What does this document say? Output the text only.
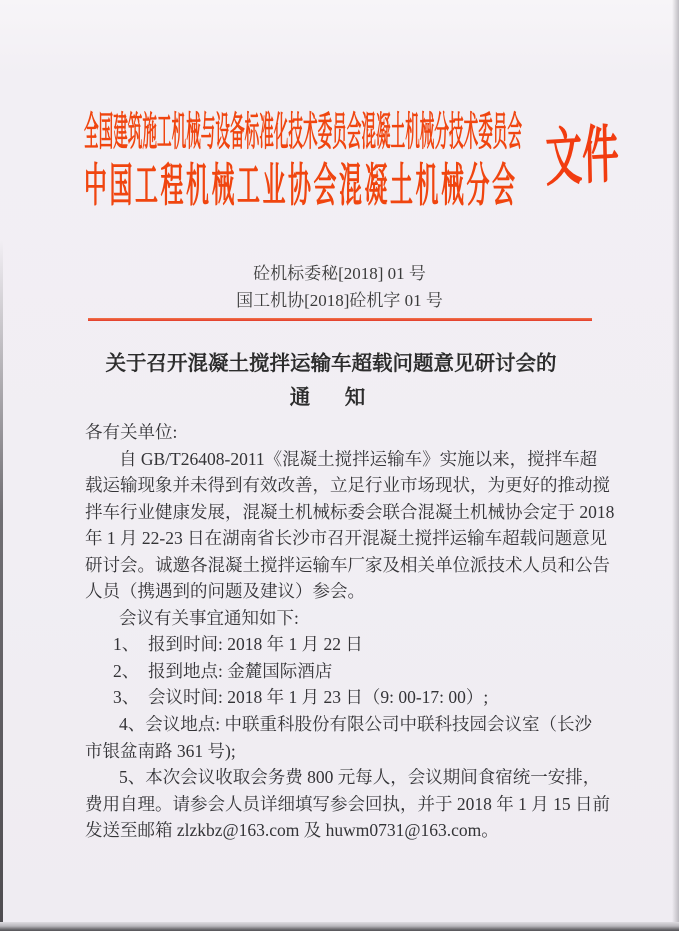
全国建筑施工机械与设备标准化技术委员会混凝土机械分技术委员会
中国工程机械工业协会混凝土机械分会 文件
砼机标委秘[2018] 01 号
国工机协[2018]砼机字 01 号
关于召开混凝土搅拌运输车超载问题意见研讨会的
通　知
各有关单位:
自 GB/T26408-2011《混凝土搅拌运输车》实施以来，搅拌车超
载运输现象并未得到有效改善，立足行业市场现状，为更好的推动搅
拌车行业健康发展，混凝土机械标委会联合混凝土机械协会定于 2018
年 1 月 22-23 日在湖南省长沙市召开混凝土搅拌运输车超载问题意见
研讨会。诚邀各混凝土搅拌运输车厂家及相关单位派技术人员和公告
人员（携遇到的问题及建议）参会。
会议有关事宜通知如下:
1、　报到时间: 2018 年 1 月 22 日
2、　报到地点: 金麓国际酒店
3、　会议时间: 2018 年 1 月 23 日（9: 00-17: 00）;
4、会议地点: 中联重科股份有限公司中联科技园会议室（长沙
市银盆南路 361 号);
5、本次会议收取会务费 800 元每人，会议期间食宿统一安排，
费用自理。请参会人员详细填写参会回执，并于 2018 年 1 月 15 日前
发送至邮箱 zlzkbz@163.com 及 huwm0731@163.com。
